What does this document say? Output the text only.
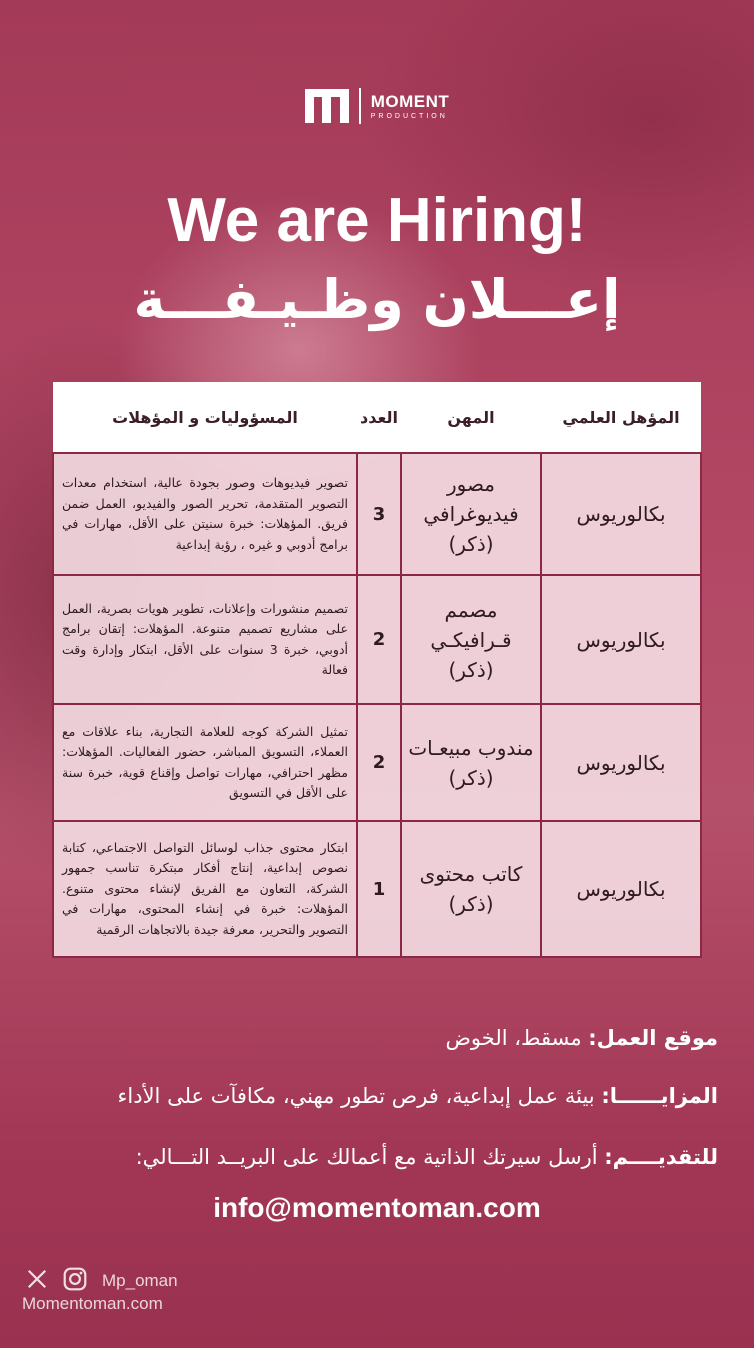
MOMENT
PRODUCTION
We are Hiring!
إعـــلان وظـيـفـــة
المسؤوليات و المؤهلات	العدد	المهن	المؤهل العلمي
تصوير فيديوهات وصور بجودة عالية، استخدام معدات التصوير المتقدمة، تحرير الصور والفيديو، العمل ضمن فريق. المؤهلات: خبرة سنيتن على الأقل، مهارات في برامج أدوبي و غيره ، رؤية إبداعية	3	مصور فيديوغرافي (ذكر)	بكالوريوس
تصميم منشورات وإعلانات، تطوير هويات بصرية، العمل على مشاريع تصميم متنوعة. المؤهلات: إتقان برامج أدوبي، خبرة 3 سنوات على الأقل، ابتكار وإدارة وقت فعالة	2	مصمم قـرافيكـي (ذكر)	بكالوريوس
تمثيل الشركة كوجه للعلامة التجارية، بناء علاقات مع العملاء، التسويق المباشر، حضور الفعاليات. المؤهلات: مظهر احترافي، مهارات تواصل وإقناع قوية، خبرة سنة على الأقل في التسويق	2	مندوب مبيعـات (ذكر)	بكالوريوس
ابتكار محتوى جذاب لوسائل التواصل الاجتماعي، كتابة نصوص إبداعية، إنتاج أفكار مبتكرة تناسب جمهور الشركة، التعاون مع الفريق لإنشاء محتوى متنوع. المؤهلات: خبرة في إنشاء المحتوى، مهارات في التصوير والتحرير، معرفة جيدة بالاتجاهات الرقمية	1	كاتب محتوى (ذكر)	بكالوريوس
موقع العمل: مسقط، الخوض
المزايــــــا: بيئة عمل إبداعية، فرص تطور مهني، مكافآت على الأداء
للتقديــــم: أرسل سيرتك الذاتية مع أعمالك على البريــد التـــالي:
info@momentoman.com
Mp_oman
Momentoman.com
